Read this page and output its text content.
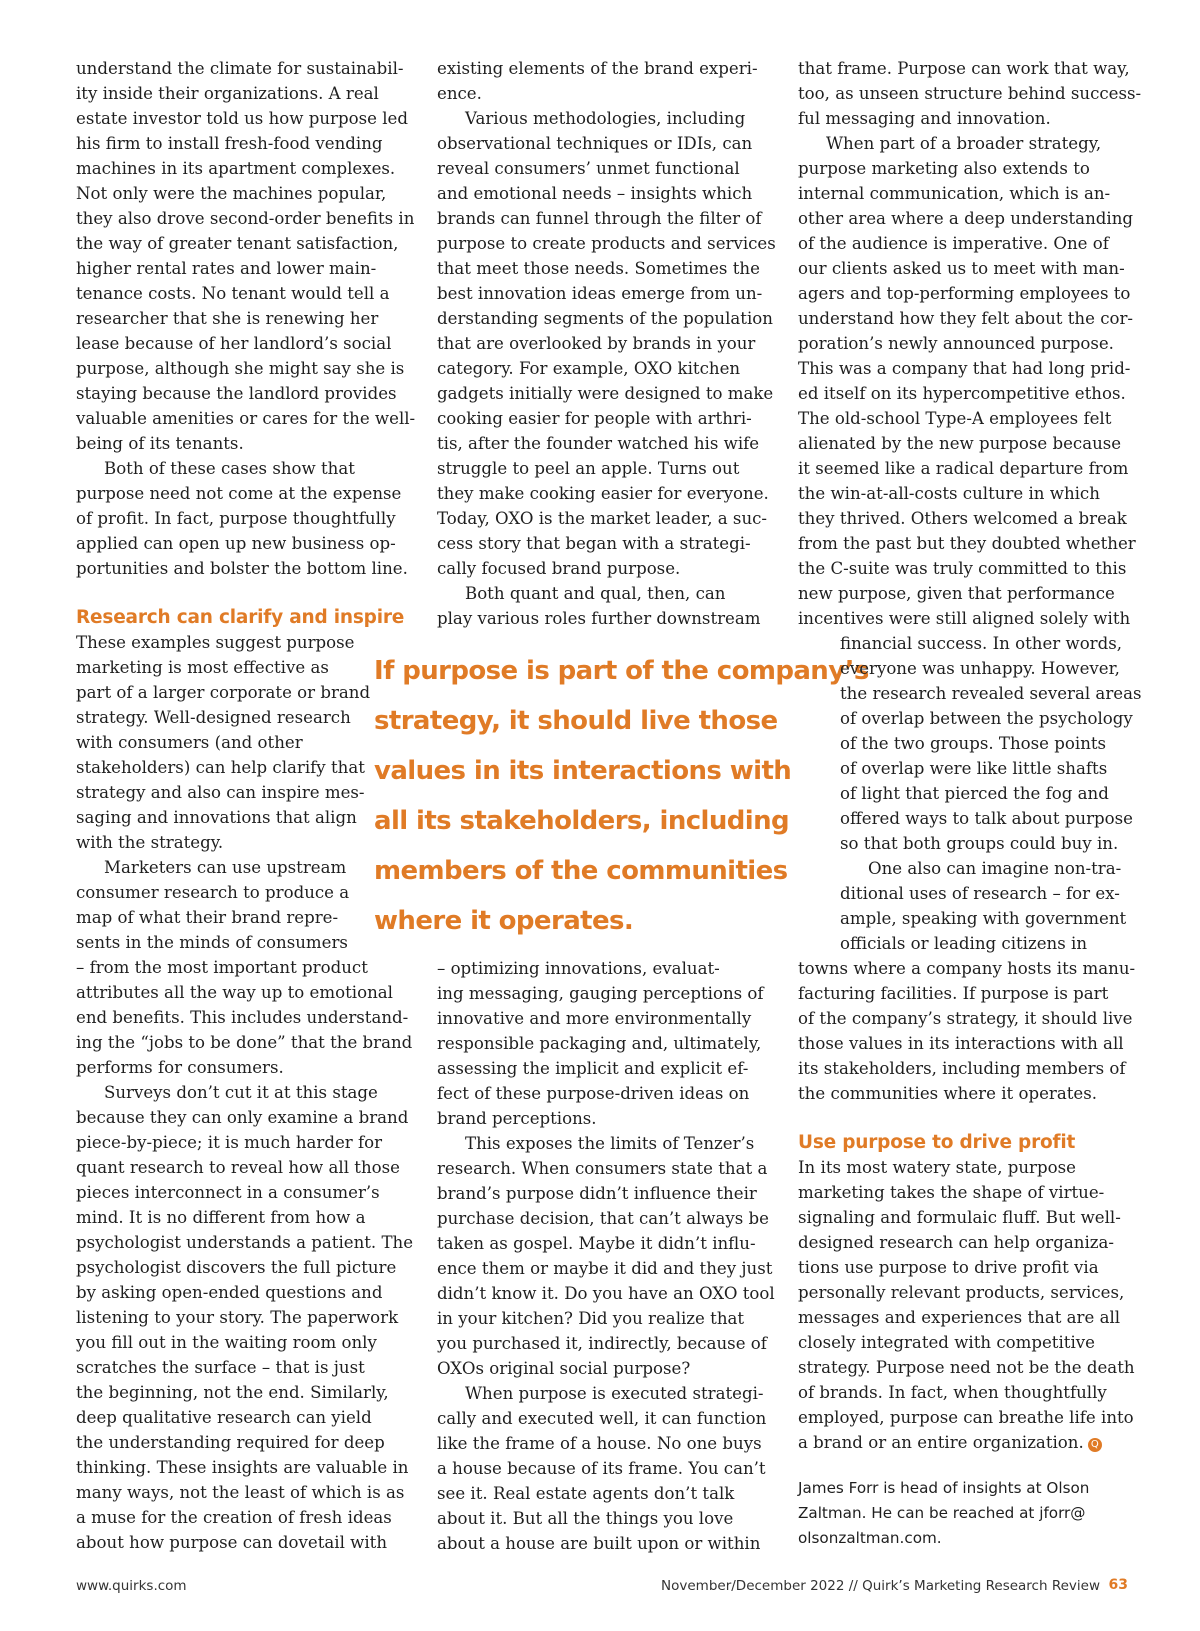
understand the climate for sustainabil-
ity inside their organizations. A real
estate investor told us how purpose led
his firm to install fresh-food vending
machines in its apartment complexes.
Not only were the machines popular,
they also drove second-order benefits in
the way of greater tenant satisfaction,
higher rental rates and lower main-
tenance costs. No tenant would tell a
researcher that she is renewing her
lease because of her landlord’s social
purpose, although she might say she is
staying because the landlord provides
valuable amenities or cares for the well-
being of its tenants.

Both of these cases show that
purpose need not come at the expense
of profit. In fact, purpose thoughtfully
applied can open up new business op-
portunities and bolster the bottom line.

Research can clarify and inspire

These examples suggest purpose
marketing is most effective as
part of a larger corporate or brand
strategy. Well-designed research
with consumers (and other
stakeholders) can help clarify that
strategy and also can inspire mes-
saging and innovations that align
with the strategy.

Marketers can use upstream
consumer research to produce a
map of what their brand repre-
sents in the minds of consumers
– from the most important product
attributes all the way up to emotional
end benefits. This includes understand-
ing the “jobs to be done” that the brand
performs for consumers.

Surveys don’t cut it at this stage
because they can only examine a brand
piece-by-piece; it is much harder for
quant research to reveal how all those
pieces interconnect in a consumer’s
mind. It is no different from how a
psychologist understands a patient. The
psychologist discovers the full picture
by asking open-ended questions and
listening to your story. The paperwork
you fill out in the waiting room only
scratches the surface – that is just
the beginning, not the end. Similarly,
deep qualitative research can yield
the understanding required for deep
thinking. These insights are valuable in
many ways, not the least of which is as
a muse for the creation of fresh ideas
about how purpose can dovetail with

existing elements of the brand experi-
ence.

Various methodologies, including
observational techniques or IDIs, can
reveal consumers’ unmet functional
and emotional needs – insights which
brands can funnel through the filter of
purpose to create products and services
that meet those needs. Sometimes the
best innovation ideas emerge from un-
derstanding segments of the population
that are overlooked by brands in your
category. For example, OXO kitchen
gadgets initially were designed to make
cooking easier for people with arthri-
tis, after the founder watched his wife
struggle to peel an apple. Turns out
they make cooking easier for everyone.
Today, OXO is the market leader, a suc-
cess story that began with a strategi-
cally focused brand purpose.

Both quant and qual, then, can
play various roles further downstream

If purpose is part of the company’s
strategy, it should live those
values in its interactions with
all its stakeholders, including
members of the communities
where it operates.

– optimizing innovations, evaluat-
ing messaging, gauging perceptions of
innovative and more environmentally
responsible packaging and, ultimately,
assessing the implicit and explicit ef-
fect of these purpose-driven ideas on
brand perceptions.

This exposes the limits of Tenzer’s
research. When consumers state that a
brand’s purpose didn’t influence their
purchase decision, that can’t always be
taken as gospel. Maybe it didn’t influ-
ence them or maybe it did and they just
didn’t know it. Do you have an OXO tool
in your kitchen? Did you realize that
you purchased it, indirectly, because of
OXOs original social purpose?

When purpose is executed strategi-
cally and executed well, it can function
like the frame of a house. No one buys
a house because of its frame. You can’t
see it. Real estate agents don’t talk
about it. But all the things you love
about a house are built upon or within

that frame. Purpose can work that way,
too, as unseen structure behind success-
ful messaging and innovation.

When part of a broader strategy,
purpose marketing also extends to
internal communication, which is an-
other area where a deep understanding
of the audience is imperative. One of
our clients asked us to meet with man-
agers and top-performing employees to
understand how they felt about the cor-
poration’s newly announced purpose.
This was a company that had long prid-
ed itself on its hypercompetitive ethos.
The old-school Type-A employees felt
alienated by the new purpose because
it seemed like a radical departure from
the win-at-all-costs culture in which
they thrived. Others welcomed a break
from the past but they doubted whether
the C-suite was truly committed to this
new purpose, given that performance
incentives were still aligned solely with

financial success. In other words,
everyone was unhappy. However,
the research revealed several areas
of overlap between the psychology
of the two groups. Those points
of overlap were like little shafts
of light that pierced the fog and
offered ways to talk about purpose
so that both groups could buy in.

One also can imagine non-tra-
ditional uses of research – for ex-
ample, speaking with government
officials or leading citizens in

towns where a company hosts its manu-
facturing facilities. If purpose is part
of the company’s strategy, it should live
those values in its interactions with all
its stakeholders, including members of
the communities where it operates.

Use purpose to drive profit

In its most watery state, purpose
marketing takes the shape of virtue-
signaling and formulaic fluff. But well-
designed research can help organiza-
tions use purpose to drive profit via
personally relevant products, services,
messages and experiences that are all
closely integrated with competitive
strategy. Purpose need not be the death
of brands. In fact, when thoughtfully
employed, purpose can breathe life into
a brand or an entire organization. Q

James Forr is head of insights at Olson
Zaltman. He can be reached at jforr@
olsonzaltman.com.
www.quirks.com	November/December 2022 // Quirk’s Marketing Research Review 63
